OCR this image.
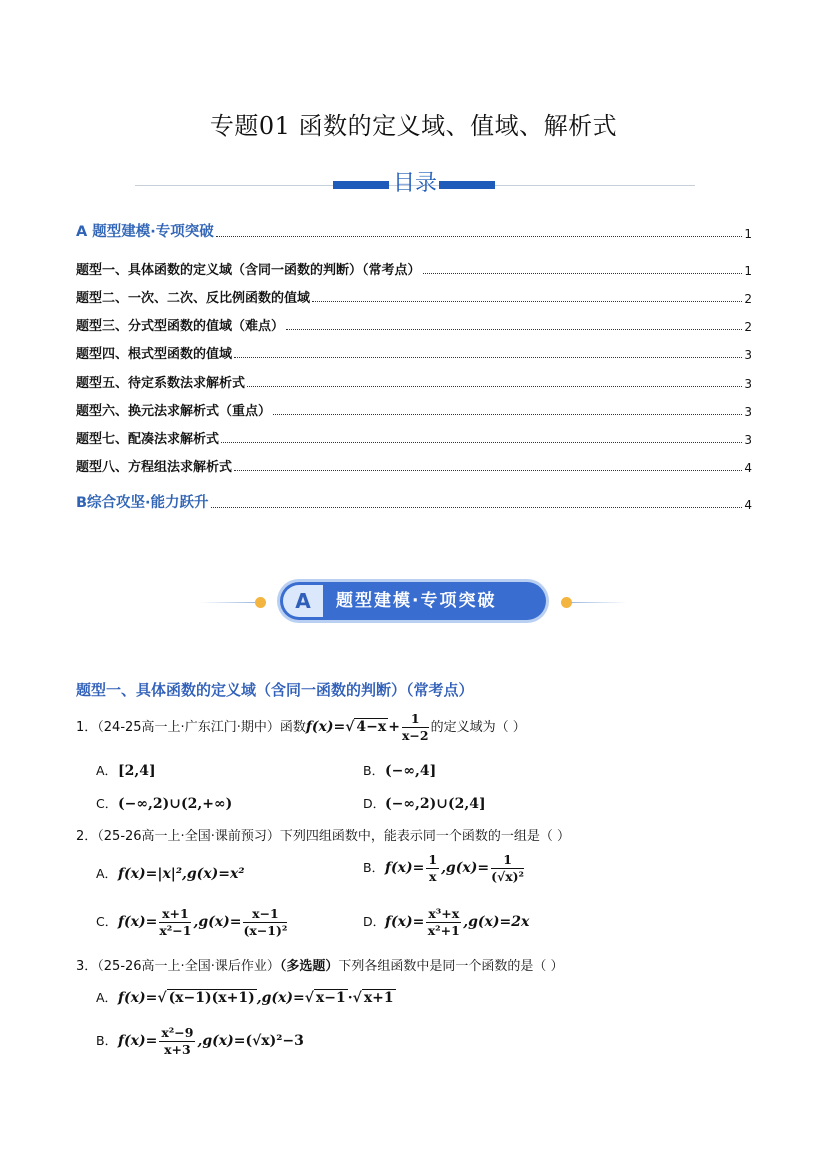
专题01 函数的定义域、值域、解析式
目录
A 题型建模·专项突破	1
题型一、具体函数的定义域（含同一函数的判断）（常考点）	1
题型二、一次、二次、反比例函数的值域	2
题型三、分式型函数的值域（难点）	2
题型四、根式型函数的值域	3
题型五、待定系数法求解析式	3
题型六、换元法求解析式（重点）	3
题型七、配凑法求解析式	3
题型八、方程组法求解析式	4
B综合攻坚·能力跃升	4
A	题型建模·专项突破
题型一、具体函数的定义域（含同一函数的判断）（常考点）
1．（24-25高一上·广东江门·期中）函数f(x)=√ $4-x + \frac{1}{x-2}$ 的定义域为（ ）
A．[2,4]	B．(−∞,4]
C．(−∞,2)∪(2,+∞)	D．(−∞,2)∪(2,4]
2．（25-26高一上·全国·课前预习）下列四组函数中，能表示同一个函数的一组是（ ）
A．f(x)=|x|²,g(x)=x²	B．$f(x)= \frac{1}{x} ,g(x)= \frac{1}{\text{(√x)²}}$
C．$f(x)= \frac{x+1}{\text{x²−1}} ,g(x)= \frac{x-1}{\text{(x−1)²}}$	D．$f(x)= \frac{\text{x³+x}}{\text{x²+1}} ,g(x)=2x$
3．（25-26高一上·全国·课后作业）（多选题）下列各组函数中是同一个函数的是（ ）
A．f(x)=√ (x−1)(x+1) ,g(x)=√ x−1 ·√ x+1
B．$f(x)= \frac{\text{x²−9}}{x+3} ,g(x)=(√x)^2-3$
